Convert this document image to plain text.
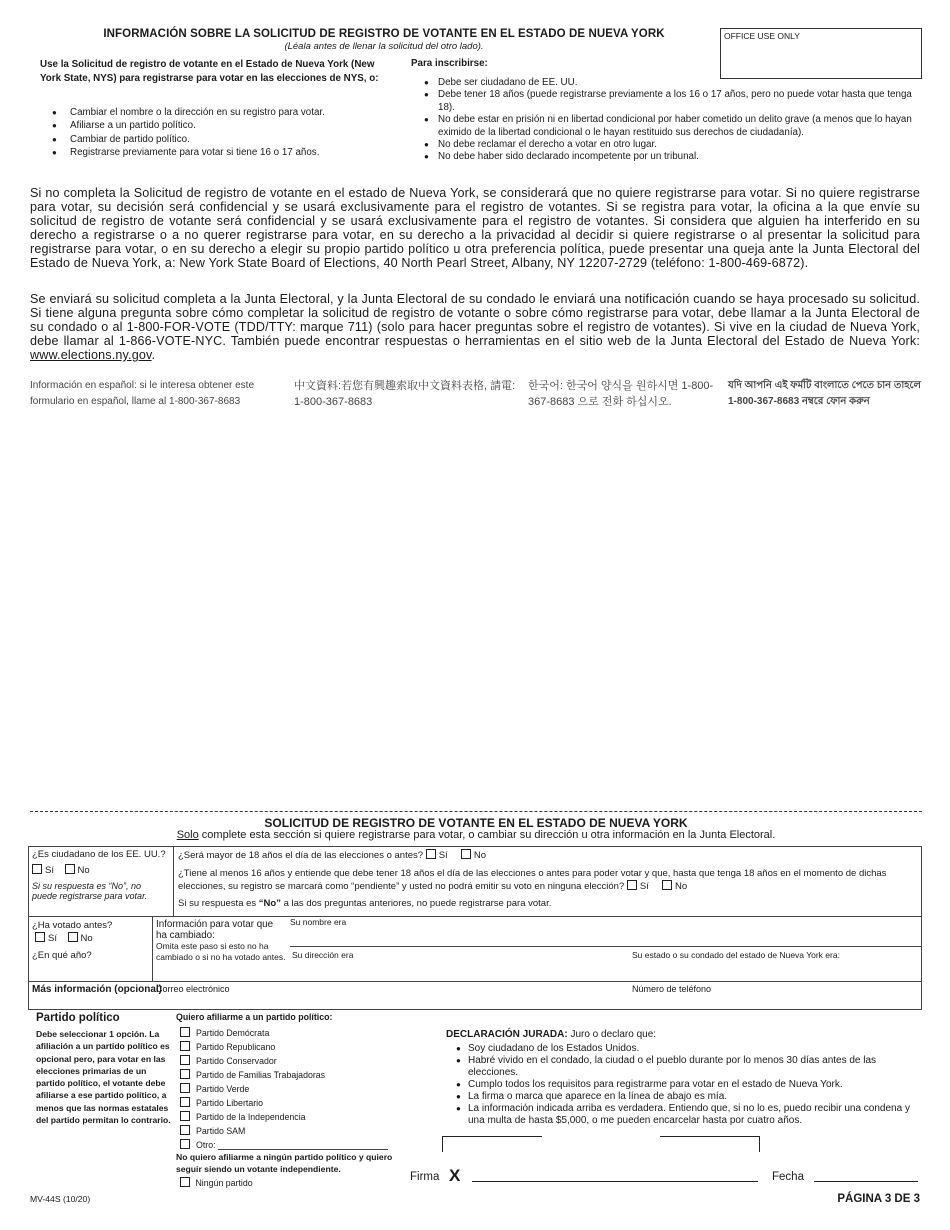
INFORMACIÓN SOBRE LA SOLICITUD DE REGISTRO DE VOTANTE EN EL ESTADO DE NUEVA YORK
(Léala antes de llenar la solicitud del otro lado).
OFFICE USE ONLY
Use la Solicitud de registro de votante en el Estado de Nueva York (New York State, NYS) para registrarse para votar en las elecciones de NYS, o:
● Cambiar el nombre o la dirección en su registro para votar.
● Afiliarse a un partido político.
● Cambiar de partido político.
● Registrarse previamente para votar si tiene 16 o 17 años.
Para inscribirse:
● Debe ser ciudadano de EE. UU.
● Debe tener 18 años (puede registrarse previamente a los 16 o 17 años, pero no puede votar hasta que tenga 18).
● No debe estar en prisión ni en libertad condicional por haber cometido un delito grave (a menos que lo hayan eximido de la libertad condicional o le hayan restituido sus derechos de ciudadanía).
● No debe reclamar el derecho a votar en otro lugar.
● No debe haber sido declarado incompetente por un tribunal.

Si no completa la Solicitud de registro de votante en el estado de Nueva York, se considerará que no quiere registrarse para votar. Si no quiere registrarse para votar, su decisión será confidencial y se usará exclusivamente para el registro de votantes. Si se registra para votar, la oficina a la que envíe su solicitud de registro de votante será confidencial y se usará exclusivamente para el registro de votantes. Si considera que alguien ha interferido en su derecho a registrarse o a no querer registrarse para votar, en su derecho a la privacidad al decidir si quiere registrarse o al presentar la solicitud para registrarse para votar, o en su derecho a elegir su propio partido político u otra preferencia política, puede presentar una queja ante la Junta Electoral del Estado de Nueva York, a: New York State Board of Elections, 40 North Pearl Street, Albany, NY 12207-2729 (teléfono: 1-800-469-6872).

Se enviará su solicitud completa a la Junta Electoral, y la Junta Electoral de su condado le enviará una notificación cuando se haya procesado su solicitud. Si tiene alguna pregunta sobre cómo completar la solicitud de registro de votante o sobre cómo registrarse para votar, debe llamar a la Junta Electoral de su condado o al 1-800-FOR-VOTE (TDD/TTY: marque 711) (solo para hacer preguntas sobre el registro de votantes). Si vive en la ciudad de Nueva York, debe llamar al 1-866-VOTE-NYC. También puede encontrar respuestas o herramientas en el sitio web de la Junta Electoral del Estado de Nueva York: www.elections.ny.gov.

Información en español: si le interesa obtener este formulario en español, llame al 1-800-367-8683
中文資料:若您有興趣索取中文資料表格, 請電: 1-800-367-8683
한국어: 한국어 양식을 원하시면 1-800-367-8683 으로 전화 하십시오.
যদি আপনি এই ফর্মটি বাংলাতে পেতে চান তাহলে 1-800-367-8683 নম্বরে ফোন করুন
SOLICITUD DE REGISTRO DE VOTANTE EN EL ESTADO DE NUEVA YORK
Solo complete esta sección si quiere registrarse para votar, o cambiar su dirección u otra información en la Junta Electoral.
¿Es ciudadano de los EE. UU.?
Sí No
Si su respuesta es “No”, no puede registrarse para votar.
¿Será mayor de 18 años el día de las elecciones o antes? Sí	No
¿Tiene al menos 16 años y entiende que debe tener 18 años el día de las elecciones o antes para poder votar y que, hasta que tenga 18 años en el momento de dichas elecciones, su registro se marcará como “pendiente” y usted no podrá emitir su voto en ninguna elección? Sí	No
Si su respuesta es “No” a las dos preguntas anteriores, no puede registrarse para votar.
¿Ha votado antes?
Sí No
¿En qué año?
Información para votar que ha cambiado:
Omita este paso si esto no ha cambiado o si no ha votado antes.
Su nombre era
Su dirección era	Su estado o su condado del estado de Nueva York era:
Más información (opcional)
Correo electrónico	Número de teléfono
Partido político
Debe seleccionar 1 opción. La afiliación a un partido político es opcional pero, para votar en las elecciones primarias de un partido político, el votante debe afiliarse a ese partido político, a menos que las normas estatales del partido permitan lo contrario.
Quiero afiliarme a un partido político:
Partido Demócrata
Partido Republicano
Partido Conservador
Partido de Familias Trabajadoras
Partido Verde
Partido Libertario
Partido de la Independencia
Partido SAM
Otro:
No quiero afiliarme a ningún partido político y quiero seguir siendo un votante independiente.
Ningún partido
DECLARACIÓN JURADA: Juro o declaro que:
● Soy ciudadano de los Estados Unidos.
● Habré vivido en el condado, la ciudad o el pueblo durante por lo menos 30 días antes de las elecciones.
● Cumplo todos los requisitos para registrarme para votar en el estado de Nueva York.
● La firma o marca que aparece en la línea de abajo es mía.
● La información indicada arriba es verdadera. Entiendo que, si no lo es, puedo recibir una condena y una multa de hasta $5,000, o me pueden encarcelar hasta por cuatro años.
Firma X	Fecha
MV-44S (10/20)	PÁGINA 3 DE 3
